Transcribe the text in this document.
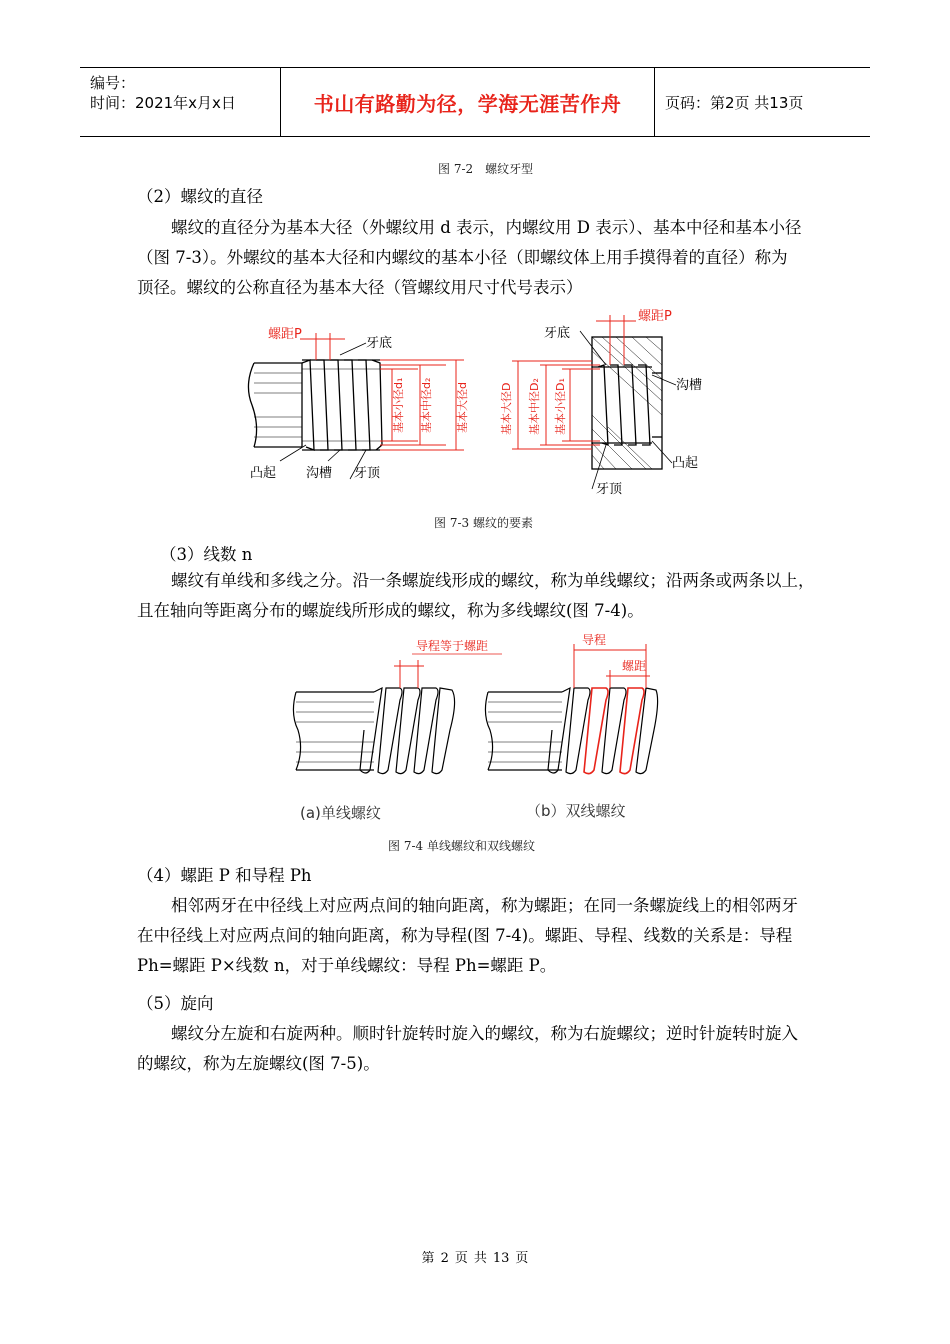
编号：
时间：2021年x月x日	书山有路勤为径，学海无涯苦作舟	页码：第2页 共13页
图 7-2　螺纹牙型
（2）螺纹的直径
螺纹的直径分为基本大径（外螺纹用 d 表示，内螺纹用 D 表示）、基本中径和基本小径
（图 7-3）。外螺纹的基本大径和内螺纹的基本小径（即螺纹体上用手摸得着的直径）称为
顶径。螺纹的公称直径为基本大径（管螺纹用尺寸代号表示）
螺距P
牙底
基本小径d₁ 基本中径d₂ 基本大径d
凸起 沟槽 牙顶
螺距P
牙底
沟槽
凸起
牙顶
基本大径D 基本中径D₂ 基本小径D₁
图 7-3 螺纹的要素
（3）线数 n
螺纹有单线和多线之分。沿一条螺旋线形成的螺纹，称为单线螺纹；沿两条或两条以上，
且在轴向等距离分布的螺旋线所形成的螺纹，称为多线螺纹(图 7-4)。
导程等于螺距	导程
螺距
(a)单线螺纹	（b）双线螺纹
图 7-4 单线螺纹和双线螺纹
（4）螺距 P 和导程 Ph
相邻两牙在中径线上对应两点间的轴向距离，称为螺距；在同一条螺旋线上的相邻两牙
在中径线上对应两点间的轴向距离，称为导程(图 7-4)。螺距、导程、线数的关系是：导程
Ph=螺距 P×线数 n，对于单线螺纹：导程 Ph=螺距 P。
（5）旋向
螺纹分左旋和右旋两种。顺时针旋转时旋入的螺纹，称为右旋螺纹；逆时针旋转时旋入
的螺纹，称为左旋螺纹(图 7-5)。
第 2 页 共 13 页
